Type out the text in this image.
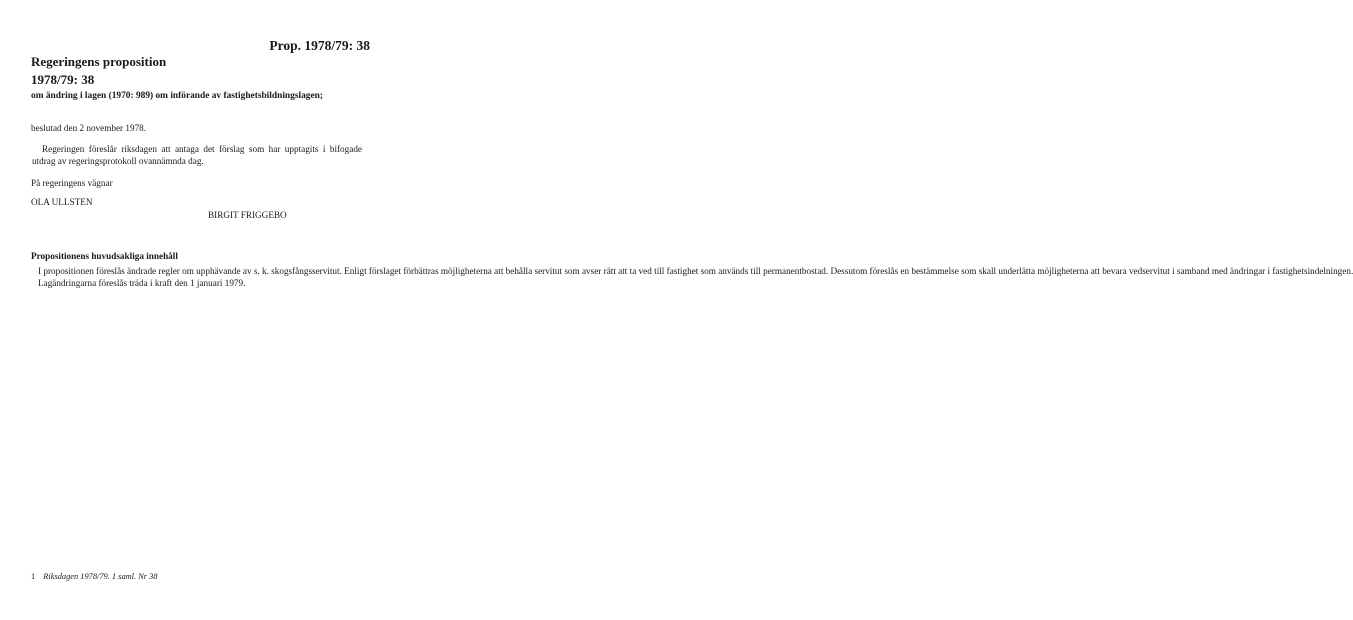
Prop. 1978/79: 38
Regeringens proposition
1978/79: 38
om ändring i lagen (1970: 989) om införande av fastighetsbildningslagen;
beslutad den 2 november 1978.
Regeringen föreslår riksdagen att antaga det förslag som har upptagits i bifogade utdrag av regeringsprotokoll ovannämnda dag.
På regeringens vägnar
OLA ULLSTEN
BIRGIT FRIGGEBO
Propositionens huvudsakliga innehåll

I propositionen föreslås ändrade regler om upphävande av s. k. skogsfångsservitut. Enligt förslaget förbättras möjligheterna att behålla servitut som avser rätt att ta ved till fastighet som används till permanentbostad. Dessutom föreslås en bestämmelse som skall underlätta möjligheterna att bevara vedservitut i samband med ändringar i fastighetsindelningen.

Lagändringarna föreslås träda i kraft den 1 januari 1979.

1 Riksdagen 1978/79. 1 saml. Nr 38
